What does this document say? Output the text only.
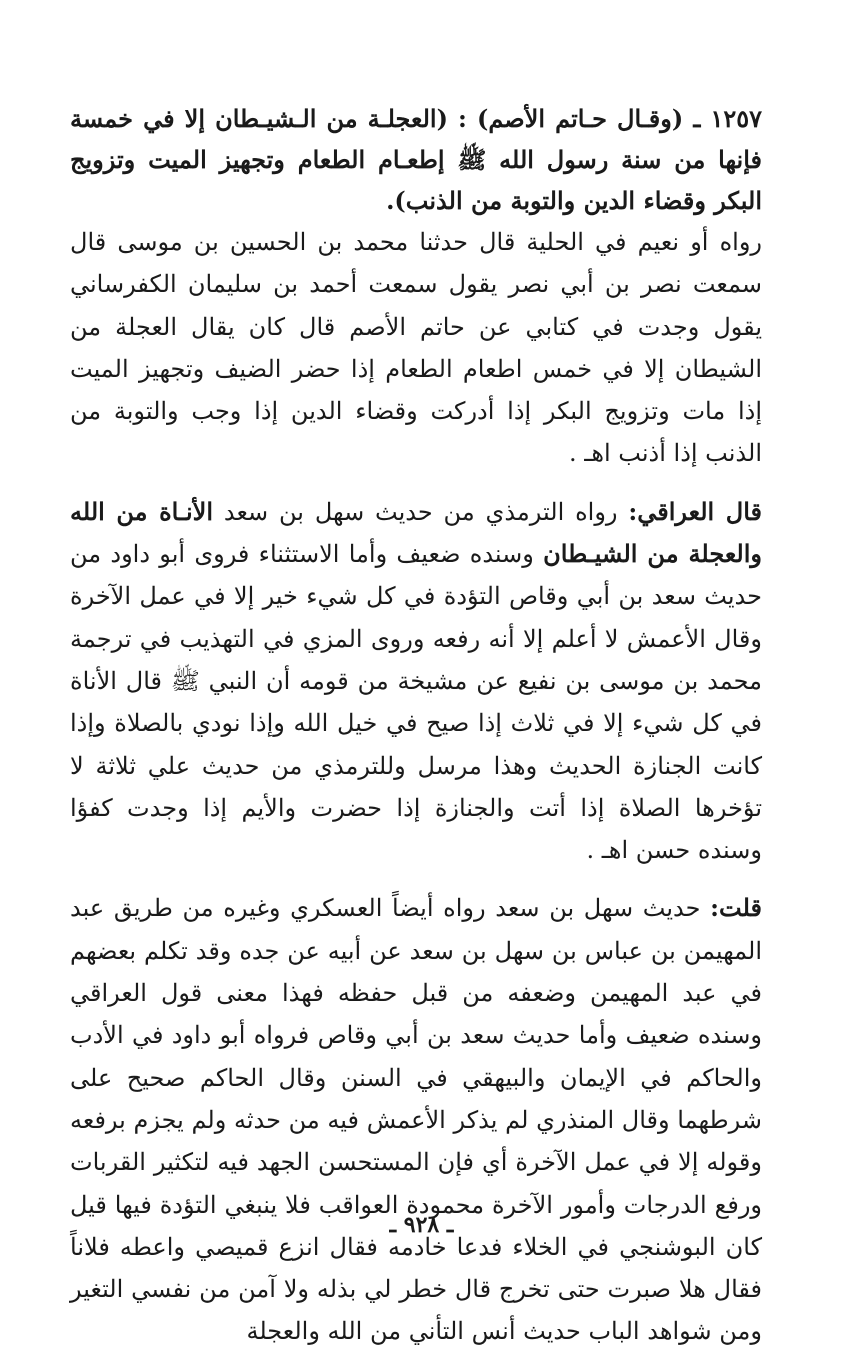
١٢٥٧ ـ (وقـال حـاتم الأصم) : (العجلـة من الـشيـطان إلا في خمسة فإنها من سنة رسول الله ﷺ إطعـام الطعام وتجهيز الميت وتزويج البكر وقضاء الدين والتوبة من الذنب).

رواه أو نعيم في الحلية قال حدثنا محمد بن الحسين بن موسى قال سمعت نصر بن أبي نصر يقول سمعت أحمد بن سليمان الكفرساني يقول وجدت في كتابي عن حاتم الأصم قال كان يقال العجلة من الشيطان إلا في خمس اطعام الطعام إذا حضر الضيف وتجهيز الميت إذا مات وتزويج البكر إذا أدركت وقضاء الدين إذا وجب والتوبة من الذنب إذا أذنب اهـ .

قال العراقي: رواه الترمذي من حديث سهل بن سعد الأنـاة من الله والعجلة من الشيـطان وسنده ضعيف وأما الاستثناء فروى أبو داود من حديث سعد بن أبي وقاص التؤدة في كل شيء خير إلا في عمل الآخرة وقال الأعمش لا أعلم إلا أنه رفعه وروى المزي في التهذيب في ترجمة محمد بن موسى بن نفيع عن مشيخة من قومه أن النبي ﷺ قال الأناة في كل شيء إلا في ثلاث إذا صيح في خيل الله وإذا نودي بالصلاة وإذا كانت الجنازة الحديث وهذا مرسل وللترمذي من حديث علي ثلاثة لا تؤخرها الصلاة إذا أتت والجنازة إذا حضرت والأيم إذا وجدت كفؤا وسنده حسن اهـ .

قلت: حديث سهل بن سعد رواه أيضاً العسكري وغيره من طريق عبد المهيمن بن عباس بن سهل بن سعد عن أبيه عن جده وقد تكلم بعضهم في عبد المهيمن وضعفه من قبل حفظه فهذا معنى قول العراقي وسنده ضعيف وأما حديث سعد بن أبي وقاص فرواه أبو داود في الأدب والحاكم في الإيمان والبيهقي في السنن وقال الحاكم صحيح على شرطهما وقال المنذري لم يذكر الأعمش فيه من حدثه ولم يجزم برفعه وقوله إلا في عمل الآخرة أي فإن المستحسن الجهد فيه لتكثير القربات ورفع الدرجات وأمور الآخرة محمودة العواقب فلا ينبغي التؤدة فيها قيل كان البوشنجي في الخلاء فدعا خادمه فقال انزع قميصي واعطه فلاناً فقال هلا صبرت حتى تخرج قال خطر لي بذله ولا آمن من نفسي التغير ومن شواهد الباب حديث أنس التأني من الله والعجلة

ـ ٩٢٨ ـ
